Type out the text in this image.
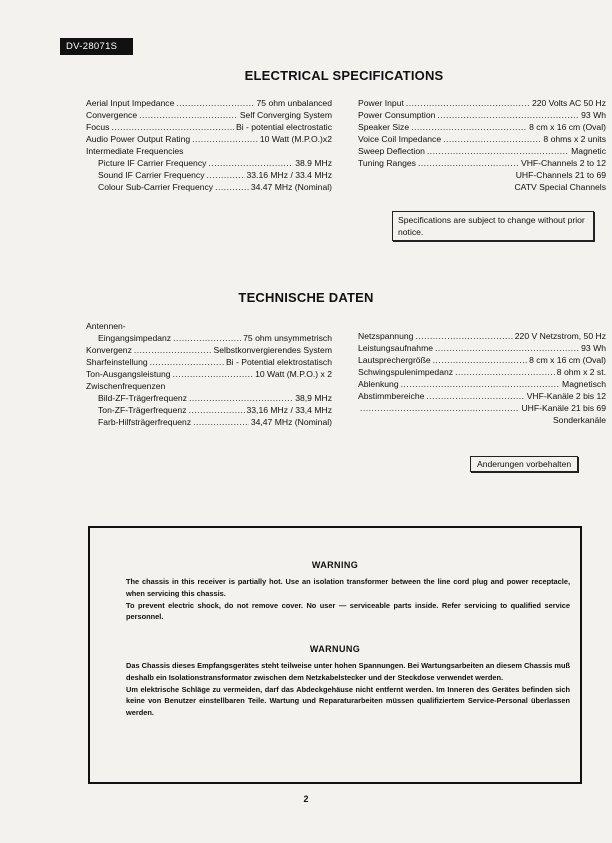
DV-28071S
ELECTRICAL SPECIFICATIONS
Aerial Input Impedance .....	75 ohm unbalanced
Convergence .....	Self Converging System
Focus .....	Bi - potential electrostatic
Audio Power Output Rating .....	10 Watt (M.P.O.)x2
Intermediate Frequencies
Picture IF Carrier Frequency .....	38.9 MHz
Sound IF Carrier Frequency .....	33.16 MHz / 33.4 MHz
Colour Sub-Carrier Frequency .....	34.47 MHz (Nominal)
Power Input .....	220 Volts AC 50 Hz
Power Consumption .....	93 Wh
Speaker Size .....	8 cm x 16 cm (Oval)
Voice Coil Impedance .....	8 ohms x 2 units
Sweep Deflection .....	Magnetic
Tuning Ranges .....	VHF-Channels 2 to 12
UHF-Channels 21 to 69
CATV Special Channels
Specifications are subject to change without prior notice.
TECHNISCHE DATEN
Antennen-
Eingangsimpedanz .....	75 ohm unsymmetrisch
Konvergenz .....	Selbstkonvergierendes System
Sharfeinstellung .....	Bi - Potential elektrostatisch
Ton-Ausgangsleistung .....	10 Watt (M.P.O.) x 2
Zwischenfrequenzen
Bild-ZF-Trägerfrequenz .....	38,9 MHz
Ton-ZF-Trägerfrequenz .....	33,16 MHz / 33,4 MHz
Farb-Hilfsträgerfrequenz .....	34,47 MHz (Nominal)
Netzspannung .....	220 V Netzstrom, 50 Hz
Leistungsaufnahme .....	93 Wh
Lautsprechergröße .....	8 cm x 16 cm (Oval)
Schwingspulenimpedanz .....	8 ohm x 2 st.
Ablenkung .....	Magnetisch
Abstimmbereiche .....	VHF-Kanäle 2 bis 12
.....
UHF-Kanäle 21 bis 69
Sonderkanäle
Anderungen vorbehalten
WARNING

The chassis in this receiver is partially hot. Use an isolation transformer between the line cord plug and power receptacle, when servicing this chassis.

To prevent electric shock, do not remove cover. No user — serviceable parts inside. Refer servicing to qualified service personnel.

WARNUNG

Das Chassis dieses Empfangsgerätes steht teilweise unter hohen Spannungen. Bei Wartungsarbeiten an diesem Chassis muß deshalb ein Isolationstransformator zwischen dem Netzkabelstecker und der Steckdose verwendet werden.

Um elektrische Schläge zu vermeiden, darf das Abdeckgehäuse nicht entfernt werden. Im Inneren des Gerätes befinden sich keine von Benutzer einstellbaren Teile. Wartung und Reparaturarbeiten müssen qualifiziertem Service-Personal überlassen werden.

2
